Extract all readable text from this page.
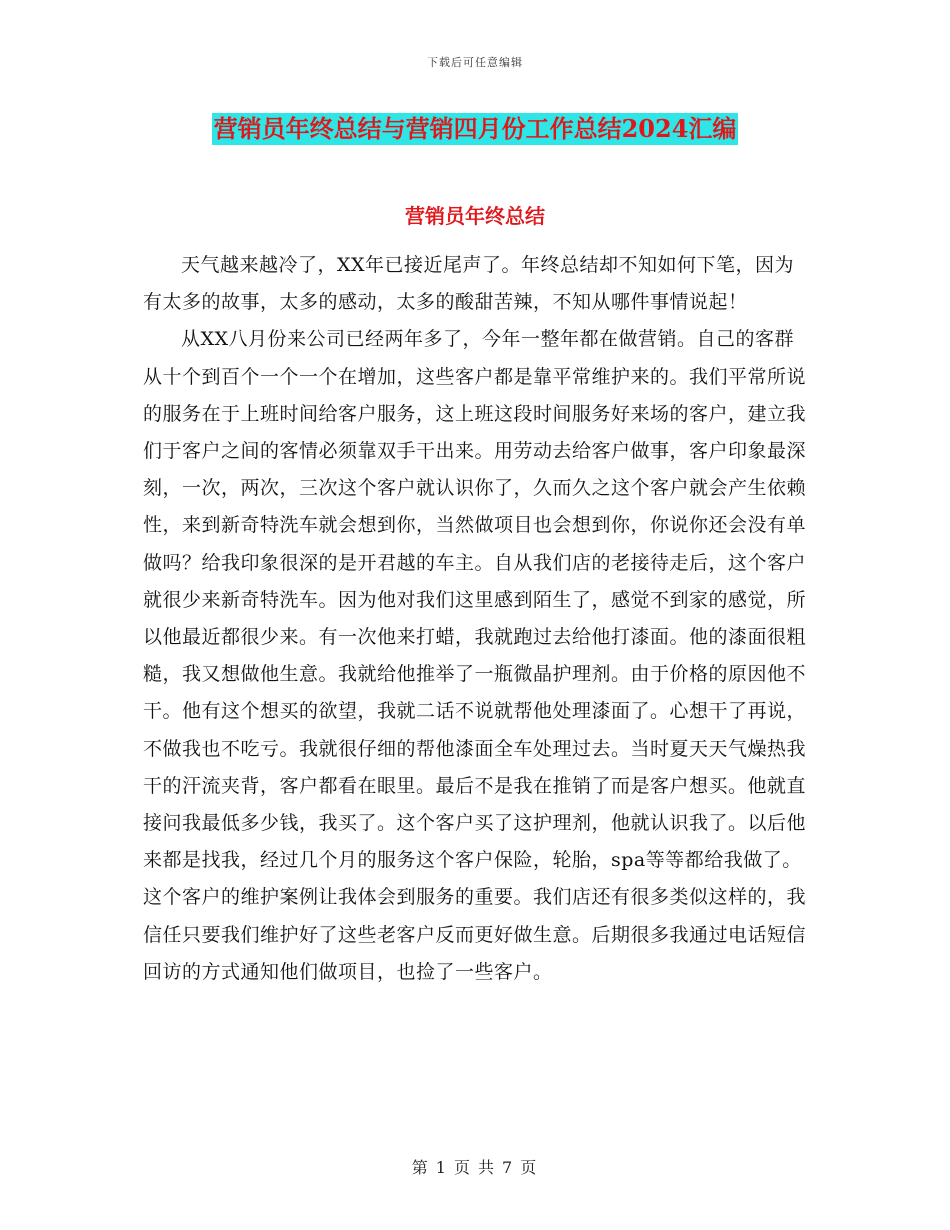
下载后可任意编辑
营销员年终总结与营销四月份工作总结2024汇编
营销员年终总结

天气越来越冷了，XX年已接近尾声了。年终总结却不知如何下笔，因为有太多的故事，太多的感动，太多的酸甜苦辣，不知从哪件事情说起！

从XX八月份来公司已经两年多了，今年一整年都在做营销。自己的客群从十个到百个一个一个在增加，这些客户都是靠平常维护来的。我们平常所说的服务在于上班时间给客户服务，这上班这段时间服务好来场的客户，建立我们于客户之间的客情必须靠双手干出来。用劳动去给客户做事，客户印象最深刻，一次，两次，三次这个客户就认识你了，久而久之这个客户就会产生依赖性，来到新奇特洗车就会想到你，当然做项目也会想到你，你说你还会没有单做吗？给我印象很深的是开君越的车主。自从我们店的老接待走后，这个客户就很少来新奇特洗车。因为他对我们这里感到陌生了，感觉不到家的感觉，所以他最近都很少来。有一次他来打蜡，我就跑过去给他打漆面。他的漆面很粗糙，我又想做他生意。我就给他推举了一瓶微晶护理剂。由于价格的原因他不干。他有这个想买的欲望，我就二话不说就帮他处理漆面了。心想干了再说，不做我也不吃亏。我就很仔细的帮他漆面全车处理过去。当时夏天天气燥热我干的汗流夹背，客户都看在眼里。最后不是我在推销了而是客户想买。他就直接问我最低多少钱，我买了。这个客户买了这护理剂，他就认识我了。以后他来都是找我，经过几个月的服务这个客户保险，轮胎，spa等等都给我做了。这个客户的维护案例让我体会到服务的重要。我们店还有很多类似这样的，我信任只要我们维护好了这些老客户反而更好做生意。后期很多我通过电话短信回访的方式通知他们做项目，也捡了一些客户。

第 1 页 共 7 页
